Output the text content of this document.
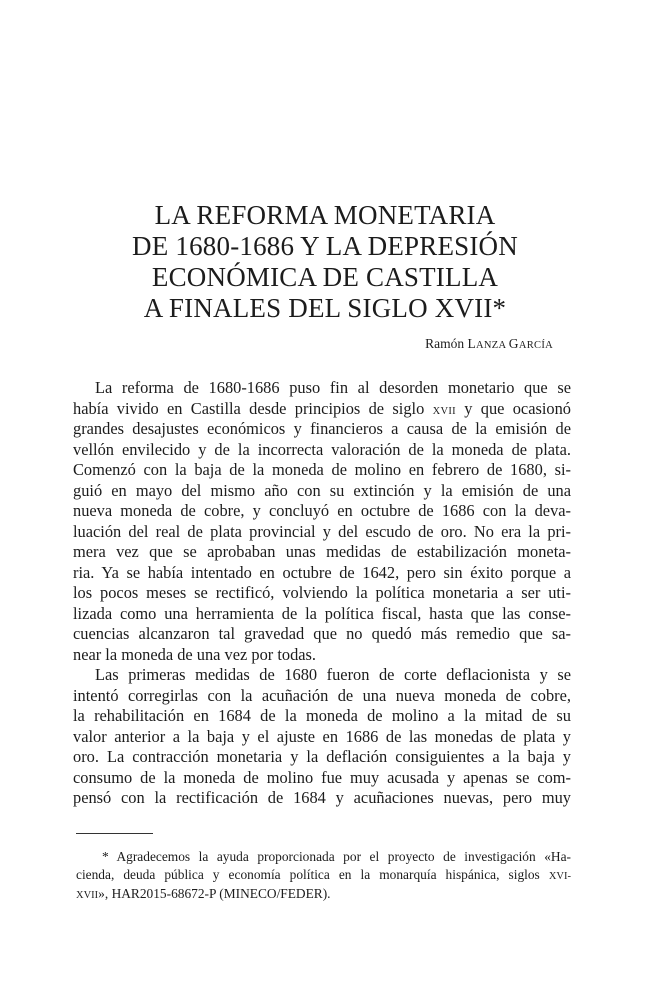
LA REFORMA MONETARIA
DE 1680-1686 Y LA DEPRESIÓN
ECONÓMICA DE CASTILLA
A FINALES DEL SIGLO XVII*
Ramón LANZA GARCÍA
La reforma de 1680-1686 puso fin al desorden monetario que se
había vivido en Castilla desde principios de siglo XVII y que ocasionó
grandes desajustes económicos y financieros a causa de la emisión de
vellón envilecido y de la incorrecta valoración de la moneda de plata.
Comenzó con la baja de la moneda de molino en febrero de 1680, si-
guió en mayo del mismo año con su extinción y la emisión de una
nueva moneda de cobre, y concluyó en octubre de 1686 con la deva-
luación del real de plata provincial y del escudo de oro. No era la pri-
mera vez que se aprobaban unas medidas de estabilización moneta-
ria. Ya se había intentado en octubre de 1642, pero sin éxito porque a
los pocos meses se rectificó, volviendo la política monetaria a ser uti-
lizada como una herramienta de la política fiscal, hasta que las conse-
cuencias alcanzaron tal gravedad que no quedó más remedio que sa-
near la moneda de una vez por todas.
Las primeras medidas de 1680 fueron de corte deflacionista y se
intentó corregirlas con la acuñación de una nueva moneda de cobre,
la rehabilitación en 1684 de la moneda de molino a la mitad de su
valor anterior a la baja y el ajuste en 1686 de las monedas de plata y
oro. La contracción monetaria y la deflación consiguientes a la baja y
consumo de la moneda de molino fue muy acusada y apenas se com-
pensó con la rectificación de 1684 y acuñaciones nuevas, pero muy
* Agradecemos la ayuda proporcionada por el proyecto de investigación «Ha-
cienda, deuda pública y economía política en la monarquía hispánica, siglos XVI-
XVII», HAR2015-68672-P (MINECO/FEDER).
